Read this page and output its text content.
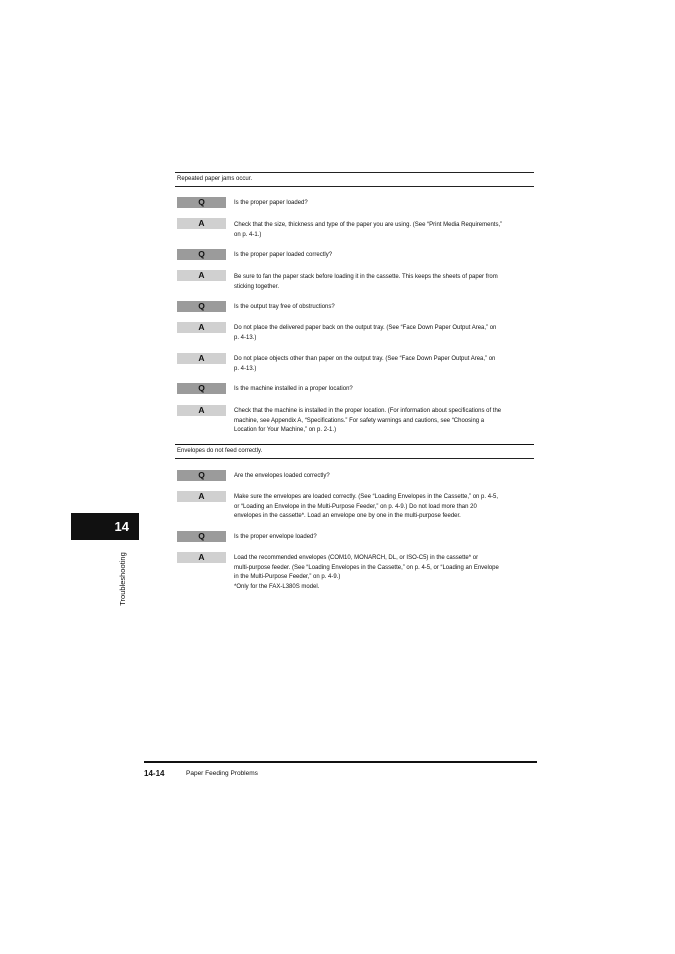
Repeated paper jams occur.
Q	Is the proper paper loaded?
A	Check that the size, thickness and type of the paper you are using. (See “Print Media Requirements,”
on p. 4-1.)
Q	Is the proper paper loaded correctly?
A	Be sure to fan the paper stack before loading it in the cassette. This keeps the sheets of paper from
sticking together.
Q	Is the output tray free of obstructions?
A	Do not place the delivered paper back on the output tray. (See “Face Down Paper Output Area,” on
p. 4-13.)
A	Do not place objects other than paper on the output tray. (See “Face Down Paper Output Area,” on
p. 4-13.)
Q	Is the machine installed in a proper location?
A	Check that the machine is installed in the proper location. (For information about specifications of the
machine, see Appendix A, “Specifications.” For safety warnings and cautions, see “Choosing a
Location for Your Machine,” on p. 2-1.)
Envelopes do not feed correctly.
Q	Are the envelopes loaded correctly?
A	Make sure the envelopes are loaded correctly. (See “Loading Envelopes in the Cassette,” on p. 4-5,
or “Loading an Envelope in the Multi-Purpose Feeder,” on p. 4-9.) Do not load more than 20
envelopes in the cassette*. Load an envelope one by one in the multi-purpose feeder.
Q	Is the proper envelope loaded?
A	Load the recommended envelopes (COM10, MONARCH, DL, or ISO-C5) in the cassette* or
multi-purpose feeder. (See “Loading Envelopes in the Cassette,” on p. 4-5, or “Loading an Envelope
in the Multi-Purpose Feeder,” on p. 4-9.)
*Only for the FAX-L380S model.
14
Troubleshooting
14-14	Paper Feeding Problems
